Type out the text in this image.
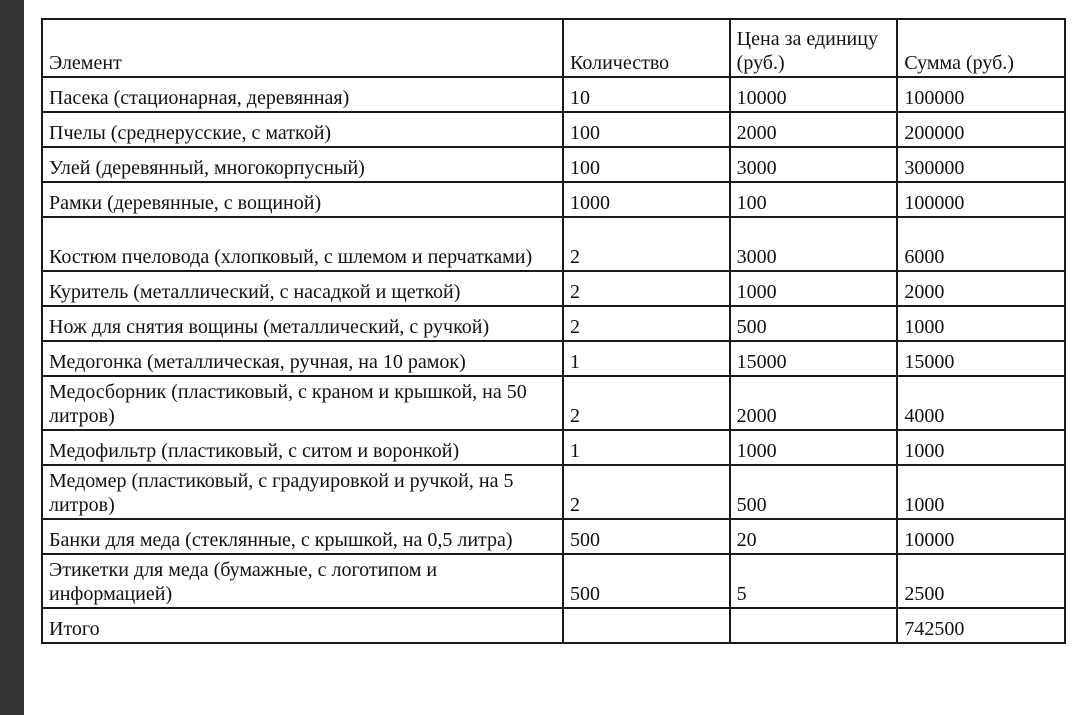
Элемент	Количество	Цена за единицу (руб.)	Сумма (руб.)
Пасека (стационарная, деревянная)	10	10000	100000
Пчелы (среднерусские, с маткой)	100	2000	200000
Улей (деревянный, многокорпусный)	100	3000	300000
Рамки (деревянные, с вощиной)	1000	100	100000
Костюм пчеловода (хлопковый, с шлемом и перчатками)	2	3000	6000
Куритель (металлический, с насадкой и щеткой)	2	1000	2000
Нож для снятия вощины (металлический, с ручкой)	2	500	1000
Медогонка (металлическая, ручная, на 10 рамок)	1	15000	15000
Медосборник (пластиковый, с краном и крышкой, на 50 литров)	2	2000	4000
Медофильтр (пластиковый, с ситом и воронкой)	1	1000	1000
Медомер (пластиковый, с градуировкой и ручкой, на 5 литров)	2	500	1000
Банки для меда (стеклянные, с крышкой, на 0,5 литра)	500	20	10000
Этикетки для меда (бумажные, с логотипом и информацией)	500	5	2500
Итого			742500
